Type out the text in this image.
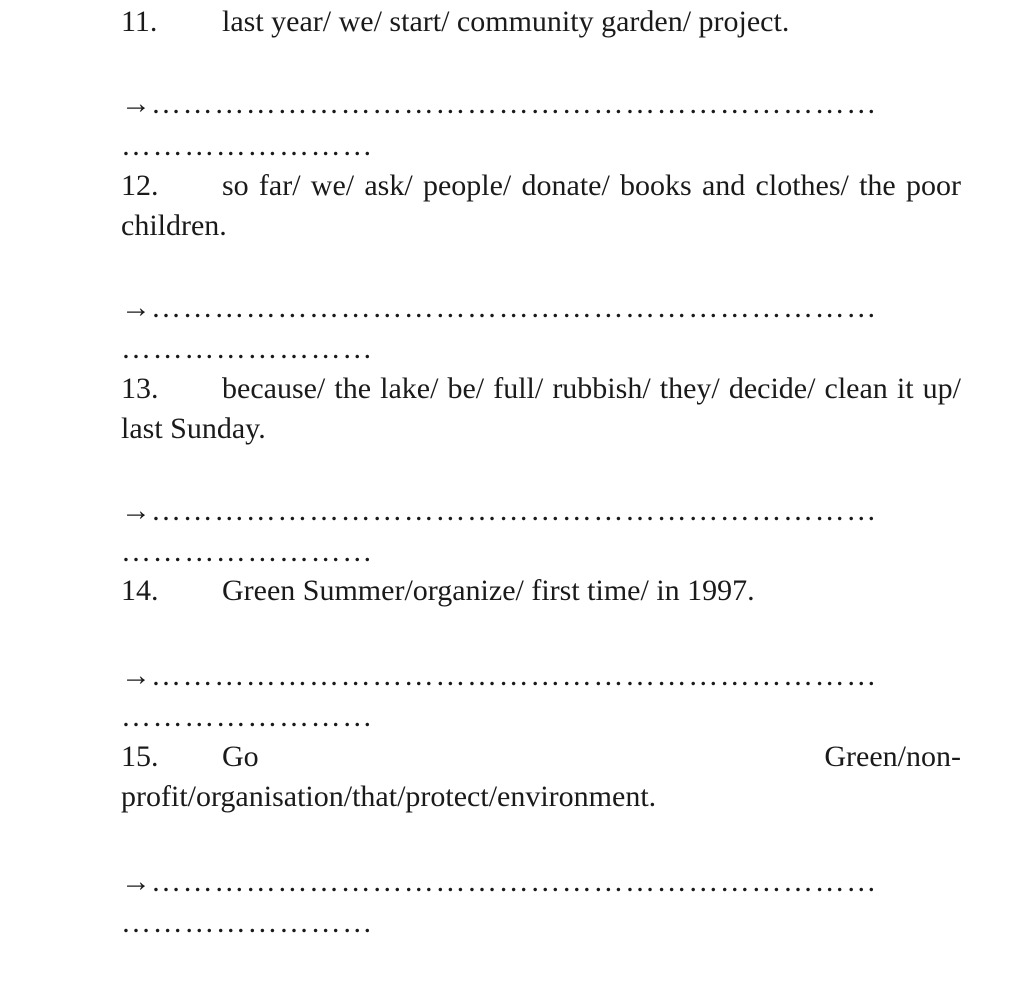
11. last year/ we/ start/ community garden/ project.

→……………………………………………………………
……………………

12. so far/ we/ ask/ people/ donate/ books and clothes/ the poor children.

→……………………………………………………………
……………………

13. because/ the lake/ be/ full/ rubbish/ they/ decide/ clean it up/ last Sunday.

→……………………………………………………………
……………………

14. Green Summer/organize/ first time/ in 1997.

→……………………………………………………………
……………………

15. Go	Green/non-

profit/organisation/that/protect/environment.

→……………………………………………………………
……………………
